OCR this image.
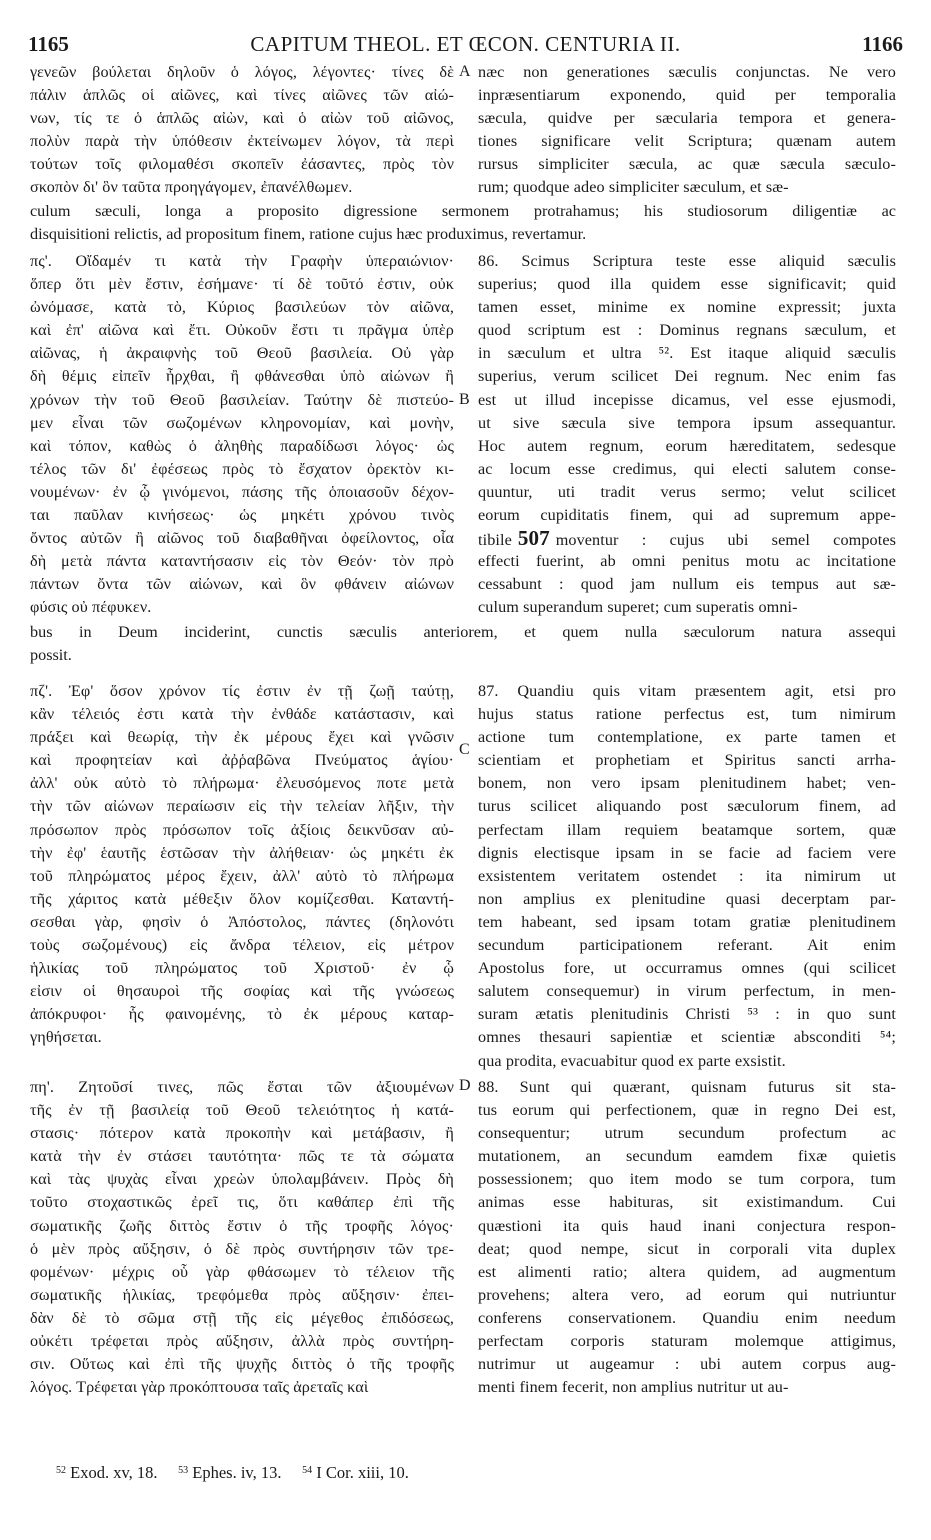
1165	CAPITUM THEOL. ET ŒCON. CENTURIA II.	1166
γενεῶν βούλεται δηλοῦν ὁ λόγος, λέγοντες· τίνες δὲ
πάλιν ἁπλῶς οἱ αἰῶνες, καὶ τίνες αἰῶνες τῶν αἰώ-
νων, τίς τε ὁ ἁπλῶς αἰὼν, καὶ ὁ αἰὼν τοῦ αἰῶνος,
πολὺν παρὰ τὴν ὑπόθεσιν ἐκτείνωμεν λόγον, τὰ περὶ
τούτων τοῖς φιλομαθέσι σκοπεῖν ἐάσαντες, πρὸς τὸν
σκοπὸν δι' ὃν ταῦτα προηγάγομεν, ἐπανέλθωμεν.
A næc non generationes sæculis conjunctas. Ne vero
inpræsentiarum exponendo, quid per temporalia
sæcula, quidve per sæcularia tempora et genera-
tiones significare velit Scriptura; quænam autem
rursus simpliciter sæcula, ac quæ sæcula sæculo-
rum; quodque adeo simpliciter sæculum, et sæ-
culum sæculi, longa a proposito digressione sermonem protrahamus; his studiosorum diligentiæ ac
disquisitioni relictis, ad propositum finem, ratione cujus hæc produximus, revertamur.
πς'. Οἴδαμέν τι κατὰ τὴν Γραφὴν ὑπεραιώνιον·
ὅπερ ὅτι μὲν ἔστιν, ἐσήμανε· τί δὲ τοῦτό ἐστιν, οὐκ
ὠνόμασε, κατὰ τὸ, Κύριος βασιλεύων τὸν αἰῶνα,
καὶ ἐπ' αἰῶνα καὶ ἔτι. Οὐκοῦν ἔστι τι πρᾶγμα ὑπὲρ
αἰῶνας, ἡ ἀκραιφνὴς τοῦ Θεοῦ βασιλεία. Οὐ γὰρ
δὴ θέμις εἰπεῖν ἦρχθαι, ἢ φθάνεσθαι ὑπὸ αἰώνων ἢ
χρόνων τὴν τοῦ Θεοῦ βασιλείαν. Ταύτην δὲ πιστεύο-
μεν εἶναι τῶν σωζομένων κληρονομίαν, καὶ μονὴν,
καὶ τόπον, καθὼς ὁ ἀληθὴς παραδίδωσι λόγος· ὡς
τέλος τῶν δι' ἐφέσεως πρὸς τὸ ἔσχατον ὀρεκτὸν κι-
νουμένων· ἐν ᾧ γινόμενοι, πάσης τῆς ὁποιασοῦν δέχον-
ται παῦλαν κινήσεως· ὡς μηκέτι χρόνου τινὸς
ὄντος αὐτῶν ἢ αἰῶνος τοῦ διαβαθῆναι ὀφείλοντος, οἷα
δὴ μετὰ πάντα καταντήσασιν εἰς τὸν Θεόν· τὸν πρὸ
πάντων ὄντα τῶν αἰώνων, καὶ ὃν φθάνειν αἰώνων
φύσις οὐ πέφυκεν.
B
86. Scimus Scriptura teste esse aliquid sæculis
superius; quod illa quidem esse significavit; quid
tamen esset, minime ex nomine expressit; juxta
quod scriptum est : Dominus regnans sæculum, et
in sæculum et ultra ⁵². Est itaque aliquid sæculis
superius, verum scilicet Dei regnum. Nec enim fas
est ut illud incepisse dicamus, vel esse ejusmodi,
ut sive sæcula sive tempora ipsum assequantur.
Hoc autem regnum, eorum hæreditatem, sedesque
ac locum esse credimus, qui electi salutem conse-
quuntur, uti tradit verus sermo; velut scilicet
eorum cupiditatis finem, qui ad supremum appe-
tibile 507 moventur : cujus ubi semel compotes
effecti fuerint, ab omni penitus motu ac incitatione
cessabunt : quod jam nullum eis tempus aut sæ-
culum superandum superet; cum superatis omni-
bus in Deum inciderint, cunctis sæculis anteriorem, et quem nulla sæculorum natura assequi
possit.
πζ'. Ἐφ' ὅσον χρόνον τίς ἐστιν ἐν τῇ ζωῇ ταύτῃ,
κἂν τέλειός ἐστι κατὰ τὴν ἐνθάδε κατάστασιν, καὶ
πράξει καὶ θεωρίᾳ, τὴν ἐκ μέρους ἔχει καὶ γνῶσιν
καὶ προφητείαν καὶ ἀῤῥαβῶνα Πνεύματος ἁγίου·
ἀλλ' οὐκ αὐτὸ τὸ πλήρωμα· ἐλευσόμενος ποτε μετὰ
τὴν τῶν αἰώνων περαίωσιν εἰς τὴν τελείαν λῆξιν, τὴν
πρόσωπον πρὸς πρόσωπον τοῖς ἀξίοις δεικνῦσαν αὐ-
τὴν ἐφ' ἑαυτῆς ἑστῶσαν τὴν ἀλήθειαν· ὡς μηκέτι ἐκ
τοῦ πληρώματος μέρος ἔχειν, ἀλλ' αὐτὸ τὸ πλήρωμα
τῆς χάριτος κατὰ μέθεξιν ὅλον κομίζεσθαι. Καταντή-
σεσθαι γὰρ, φησὶν ὁ Ἀπόστολος, πάντες (δηλονότι
τοὺς σωζομένους) εἰς ἄνδρα τέλειον, εἰς μέτρον
ἡλικίας τοῦ πληρώματος τοῦ Χριστοῦ· ἐν ᾧ
εἰσιν οἱ θησαυροὶ τῆς σοφίας καὶ τῆς γνώσεως
ἀπόκρυφοι· ἧς φαινομένης, τὸ ἐκ μέρους καταρ-
γηθήσεται.
C
87. Quandiu quis vitam præsentem agit, etsi pro
hujus status ratione perfectus est, tum nimirum
actione tum contemplatione, ex parte tamen et
scientiam et prophetiam et Spiritus sancti arrha-
bonem, non vero ipsam plenitudinem habet; ven-
turus scilicet aliquando post sæculorum finem, ad
perfectam illam requiem beatamque sortem, quæ
dignis electisque ipsam in se facie ad faciem vere
exsistentem veritatem ostendet : ita nimirum ut
non amplius ex plenitudine quasi decerptam par-
tem habeant, sed ipsam totam gratiæ plenitudinem
secundum participationem referant. Ait enim
Apostolus fore, ut occurramus omnes (qui scilicet
salutem consequemur) in virum perfectum, in men-
suram ætatis plenitudinis Christi ⁵³ : in quo sunt
omnes thesauri sapientiæ et scientiæ absconditi ⁵⁴;
qua prodita, evacuabitur quod ex parte exsistit.
πη'. Ζητοῦσί τινες, πῶς ἔσται τῶν ἀξιουμένων
τῆς ἐν τῇ βασιλείᾳ τοῦ Θεοῦ τελειότητος ἡ κατά-
στασις· πότερον κατὰ προκοπὴν καὶ μετάβασιν, ἢ
κατὰ τὴν ἐν στάσει ταυτότητα· πῶς τε τὰ σώματα
καὶ τὰς ψυχὰς εἶναι χρεὼν ὑπολαμβάνειν. Πρὸς δὴ
τοῦτο στοχαστικῶς ἐρεῖ τις, ὅτι καθάπερ ἐπὶ τῆς
σωματικῆς ζωῆς διττὸς ἔστιν ὁ τῆς τροφῆς λόγος·
ὁ μὲν πρὸς αὔξησιν, ὁ δὲ πρὸς συντήρησιν τῶν τρε-
φομένων· μέχρις οὗ γὰρ φθάσωμεν τὸ τέλειον τῆς
σωματικῆς ἡλικίας, τρεφόμεθα πρὸς αὔξησιν· ἐπει-
δὰν δὲ τὸ σῶμα στῇ τῆς εἰς μέγεθος ἐπιδόσεως,
οὐκέτι τρέφεται πρὸς αὔξησιν, ἀλλὰ πρὸς συντήρη-
σιν. Οὕτως καὶ ἐπὶ τῆς ψυχῆς διττὸς ὁ τῆς τροφῆς
λόγος. Τρέφεται γὰρ προκόπτουσα ταῖς ἀρεταῖς καὶ
D 88. Sunt qui quærant, quisnam futurus sit sta-
tus eorum qui perfectionem, quæ in regno Dei est,
consequentur; utrum secundum profectum ac
mutationem, an secundum eamdem fixæ quietis
possessionem; quo item modo se tum corpora, tum
animas esse habituras, sit existimandum. Cui
quæstioni ita quis haud inani conjectura respon-
deat; quod nempe, sicut in corporali vita duplex
est alimenti ratio; altera quidem, ad augmentum
provehens; altera vero, ad eorum qui nutriuntur
conferens conservationem. Quandiu enim needum
perfectam corporis staturam molemque attigimus,
nutrimur ut augeamur : ubi autem corpus aug-
menti finem fecerit, non amplius nutritur ut au-
$^{52}$ Exod. xv, 18. $^{53}$ Ephes. iv, 13. $^{54}$ I Cor. xiii, 10.
